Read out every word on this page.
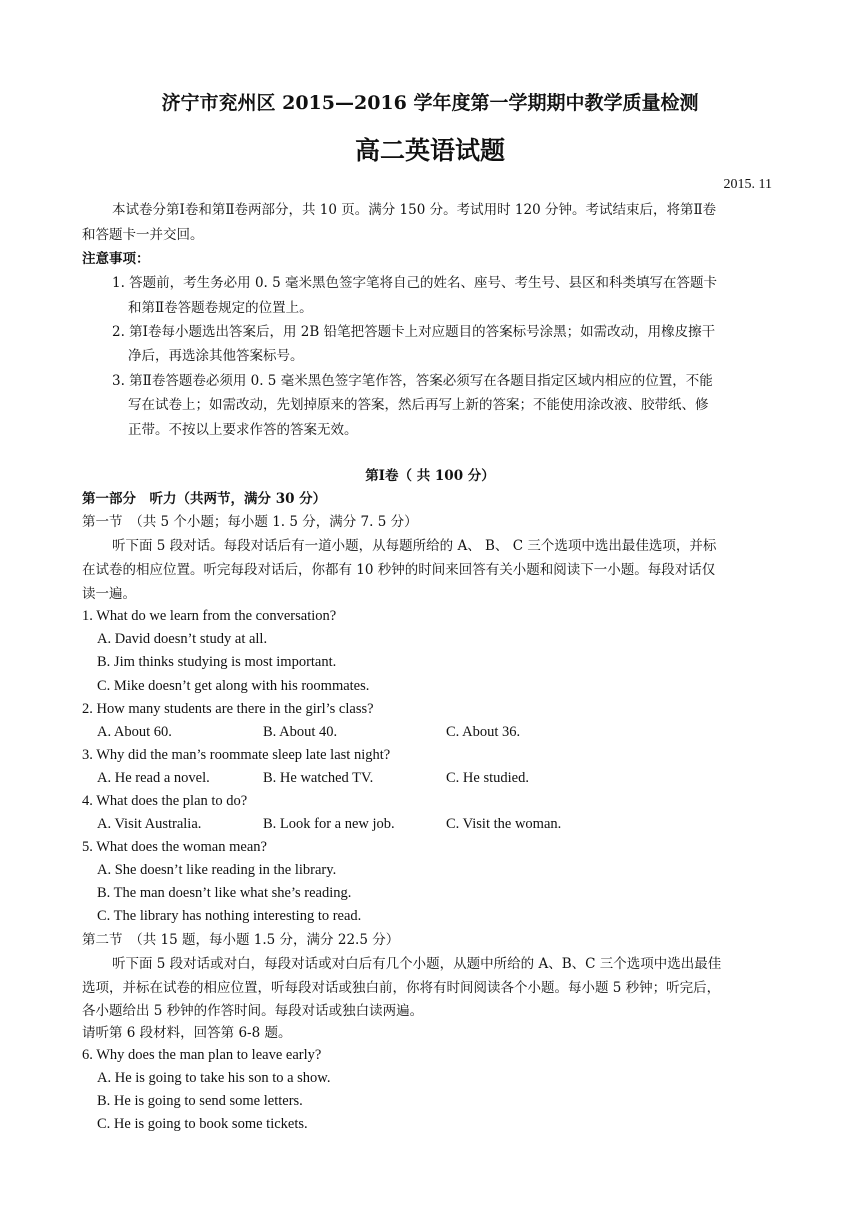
济宁市兖州区 2015—2016 学年度第一学期期中教学质量检测
高二英语试题
2015. 11
本试卷分第Ⅰ卷和第Ⅱ卷两部分，共 10 页。满分 150 分。考试用时 120 分钟。考试结束后，将第Ⅱ卷
和答题卡一并交回。
注意事项：
1. 答题前，考生务必用 0. 5 毫米黑色签字笔将自己的姓名、座号、考生号、县区和科类填写在答题卡
和第Ⅱ卷答题卷规定的位置上。
2. 第Ⅰ卷每小题选出答案后，用 2B 铅笔把答题卡上对应题目的答案标号涂黑；如需改动，用橡皮擦干
净后，再选涂其他答案标号。
3. 第Ⅱ卷答题卷必须用 0. 5 毫米黑色签字笔作答，答案必须写在各题目指定区域内相应的位置，不能
写在试卷上；如需改动，先划掉原来的答案，然后再写上新的答案；不能使用涂改液、胶带纸、修
正带。不按以上要求作答的答案无效。
第Ⅰ卷（ 共 100 分）
第一部分　听力（共两节，满分 30 分）
第一节　（共 5 个小题；每小题 1. 5 分，满分 7. 5 分）
听下面 5 段对话。每段对话后有一道小题，从每题所给的 A、 B、 C 三个选项中选出最佳选项，并标
在试卷的相应位置。听完每段对话后，你都有 10 秒钟的时间来回答有关小题和阅读下一小题。每段对话仅
读一遍。
1. What do we learn from the conversation?
A. David doesn’t study at all.
B. Jim thinks studying is most important.
C. Mike doesn’t get along with his roommates.
2. How many students are there in the girl’s class?
A. About 60.	B. About 40.	C. About 36.
3. Why did the man’s roommate sleep late last night?
A. He read a novel.	B. He watched TV.	C. He studied.
4. What does the plan to do?
A. Visit Australia.	B. Look for a new job.	C. Visit the woman.
5. What does the woman mean?
A. She doesn’t like reading in the library.
B. The man doesn’t like what she’s reading.
C. The library has nothing interesting to read.
第二节　（共 15 题，每小题 1.5 分，满分 22.5 分）
听下面 5 段对话或对白，每段对话或对白后有几个小题，从题中所给的 A、B、C 三个选项中选出最佳
选项，并标在试卷的相应位置，听每段对话或独白前，你将有时间阅读各个小题。每小题 5 秒钟；听完后，
各小题给出 5 秒钟的作答时间。每段对话或独白读两遍。
请听第 6 段材料，回答第 6-8 题。
6. Why does the man plan to leave early?
A. He is going to take his son to a show.
B. He is going to send some letters.
C. He is going to book some tickets.
